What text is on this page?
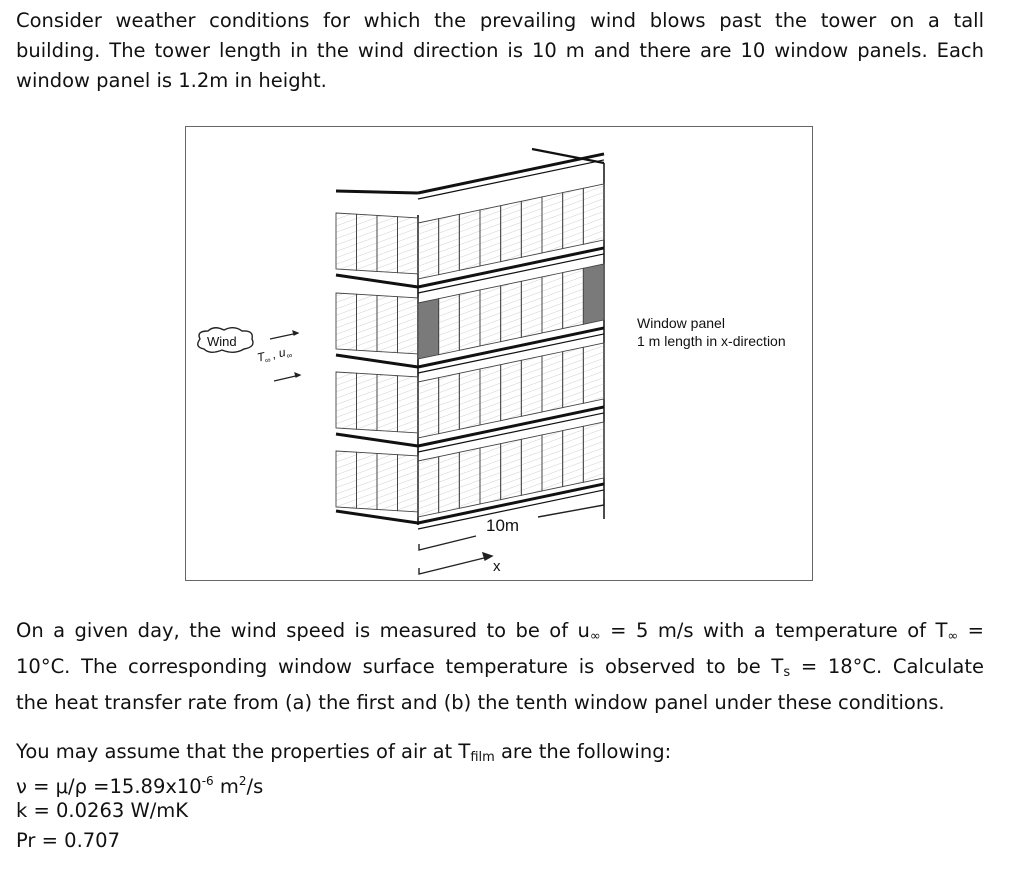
Consider weather conditions for which the prevailing wind blows past the tower on a tall
building. The tower length in the wind direction is 10 m and there are 10 window panels. Each
window panel is 1.2m in height.
Wind
T
∞
, u
∞
Window panel
1 m length in x-direction
10m
x
On a given day, the wind speed is measured to be of $u_\infty = 5$ m/s with a temperature of $T_\infty$ =
10°C. The corresponding window surface temperature is observed to be $T_s = 18^\circ C$. Calculate
the heat transfer rate from (a) the first and (b) the tenth window panel under these conditions.
You may assume that the properties of air at $T_{film}$ are the following:
$\nu = \mu/\rho =15.89x10^{-6}$ $m^2/s$
k = 0.0263 W/mK
Pr = 0.707
